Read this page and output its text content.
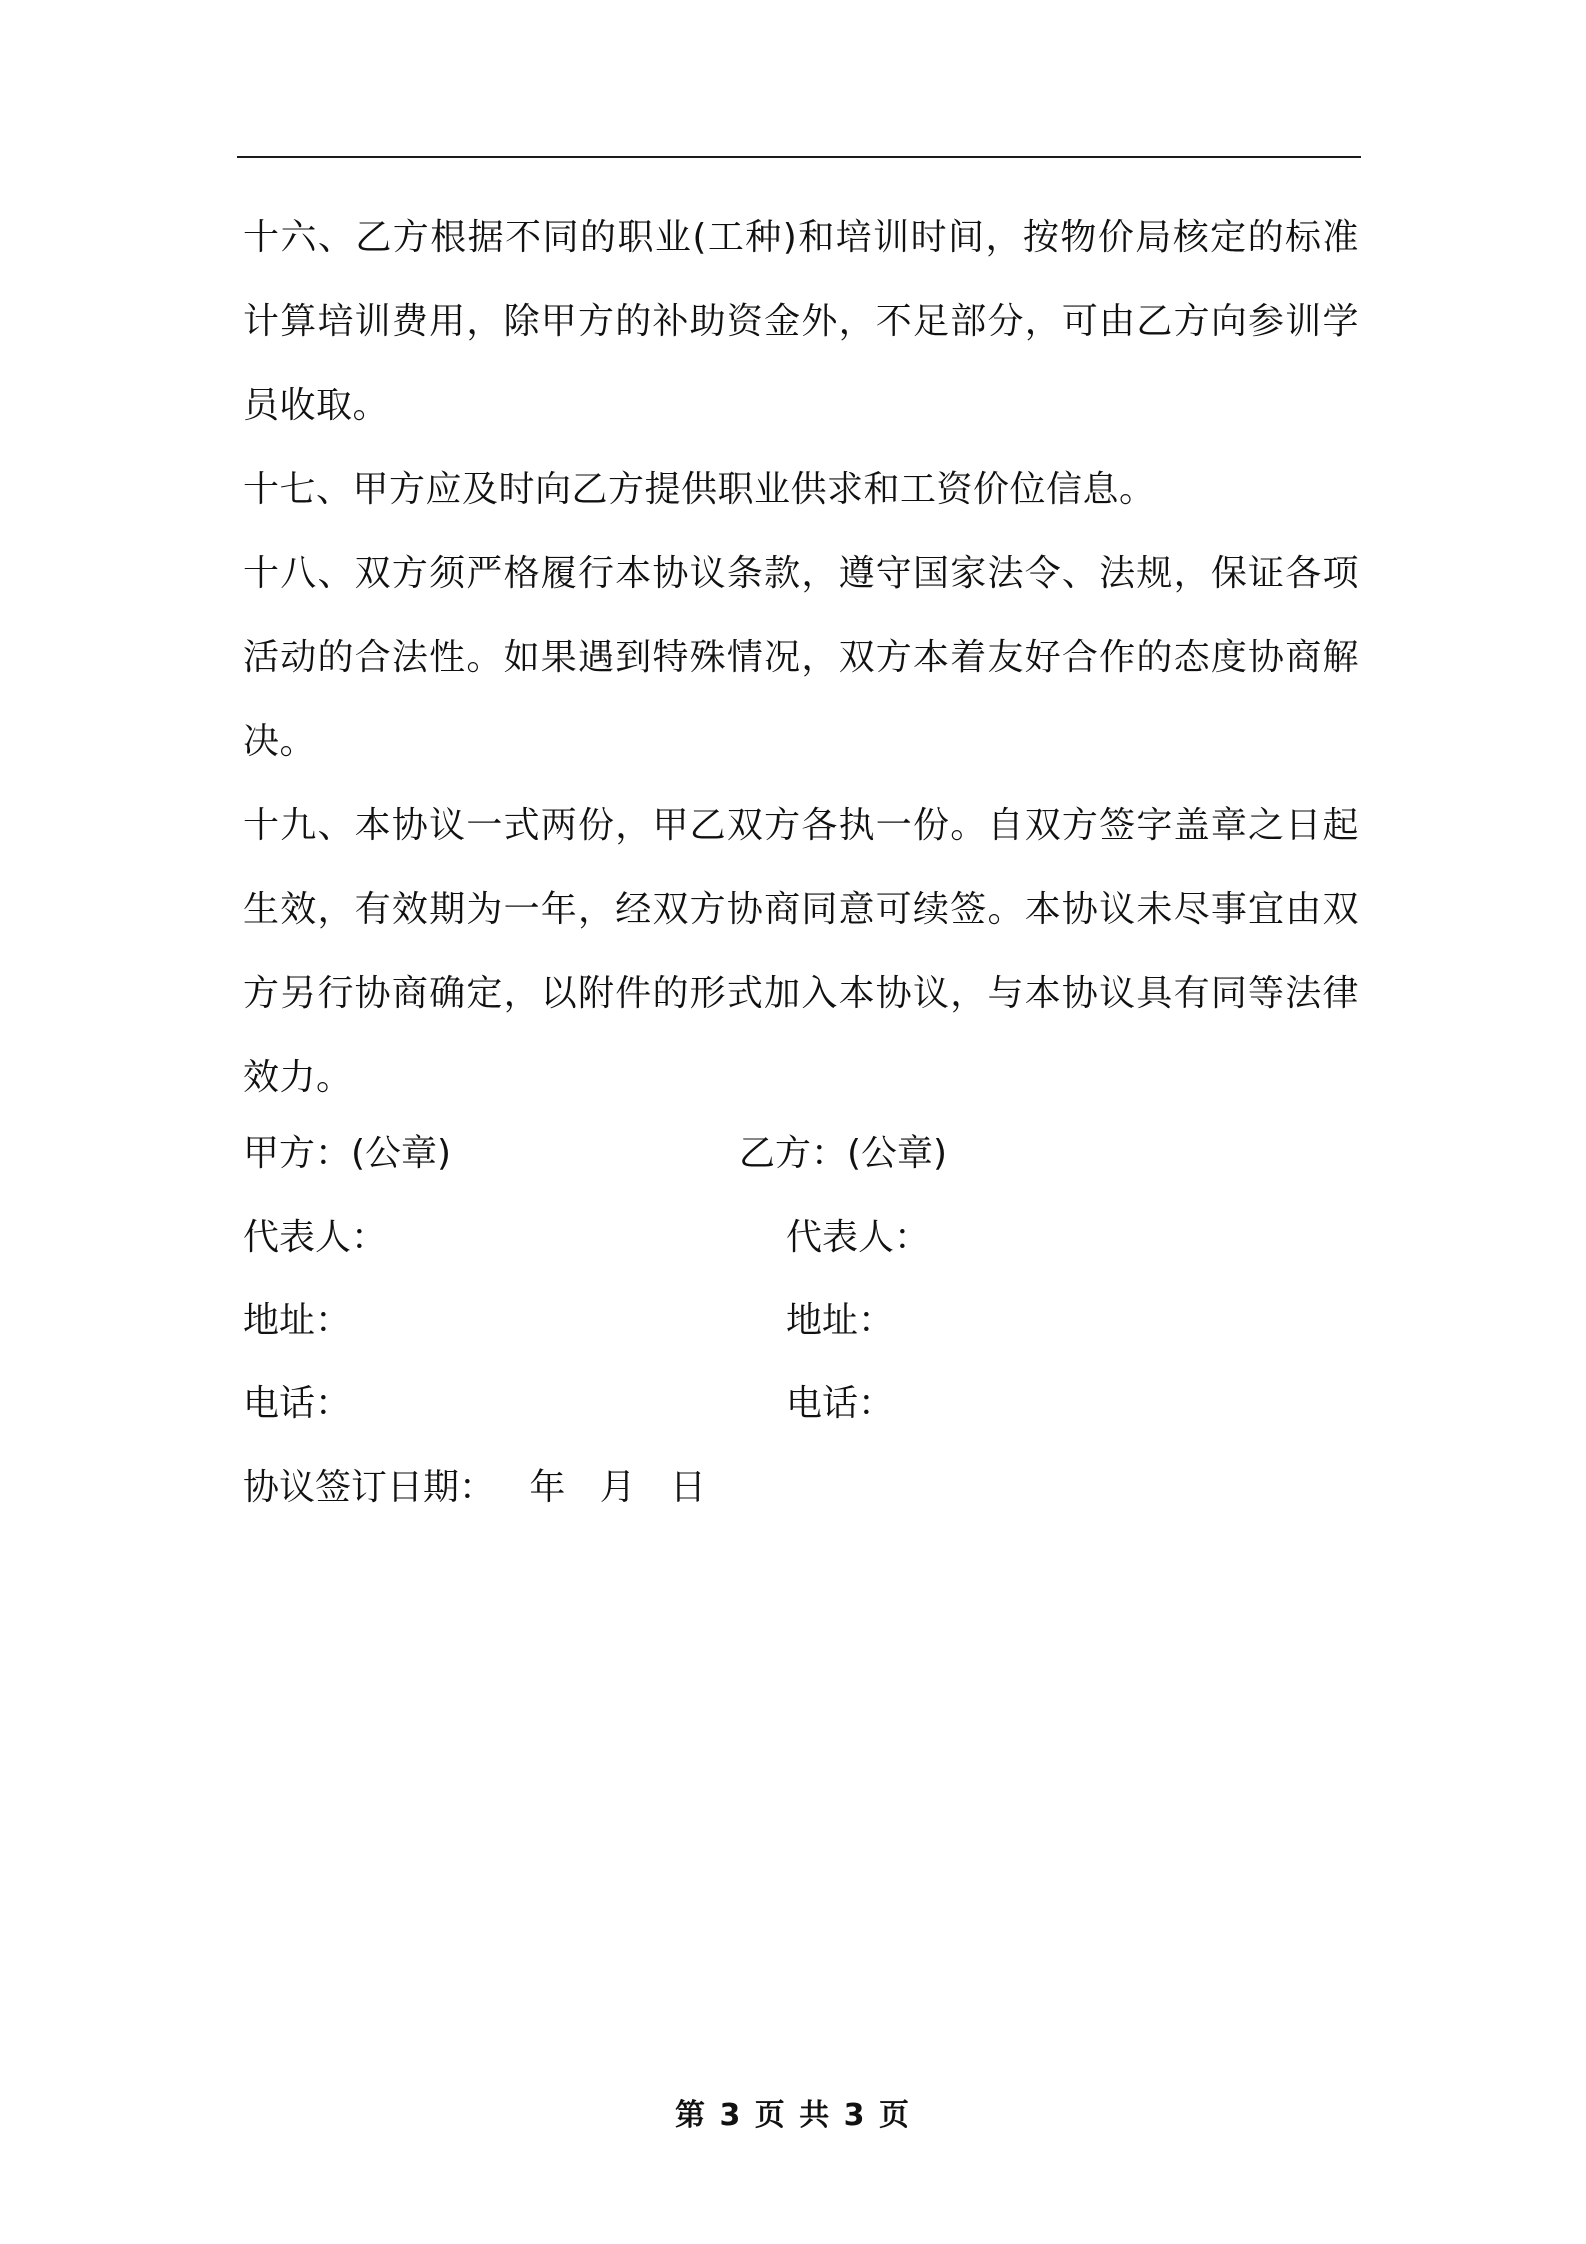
十六、乙方根据不同的职业(工种)和培训时间，按物价局核定的标准计算培训费用，除甲方的补助资金外，不足部分，可由乙方向参训学员收取。

十七、甲方应及时向乙方提供职业供求和工资价位信息。

十八、双方须严格履行本协议条款，遵守国家法令、法规，保证各项活动的合法性。如果遇到特殊情况，双方本着友好合作的态度协商解决。

十九、本协议一式两份，甲乙双方各执一份。自双方签字盖章之日起生效，有效期为一年，经双方协商同意可续签。本协议未尽事宜由双方另行协商确定，以附件的形式加入本协议，与本协议具有同等法律效力。

甲方：(公章)	乙方：(公章)
代表人：	代表人：
地址：	地址：
电话：	电话：
协议签订日期：   年   月   日
第 3 页 共 3 页
